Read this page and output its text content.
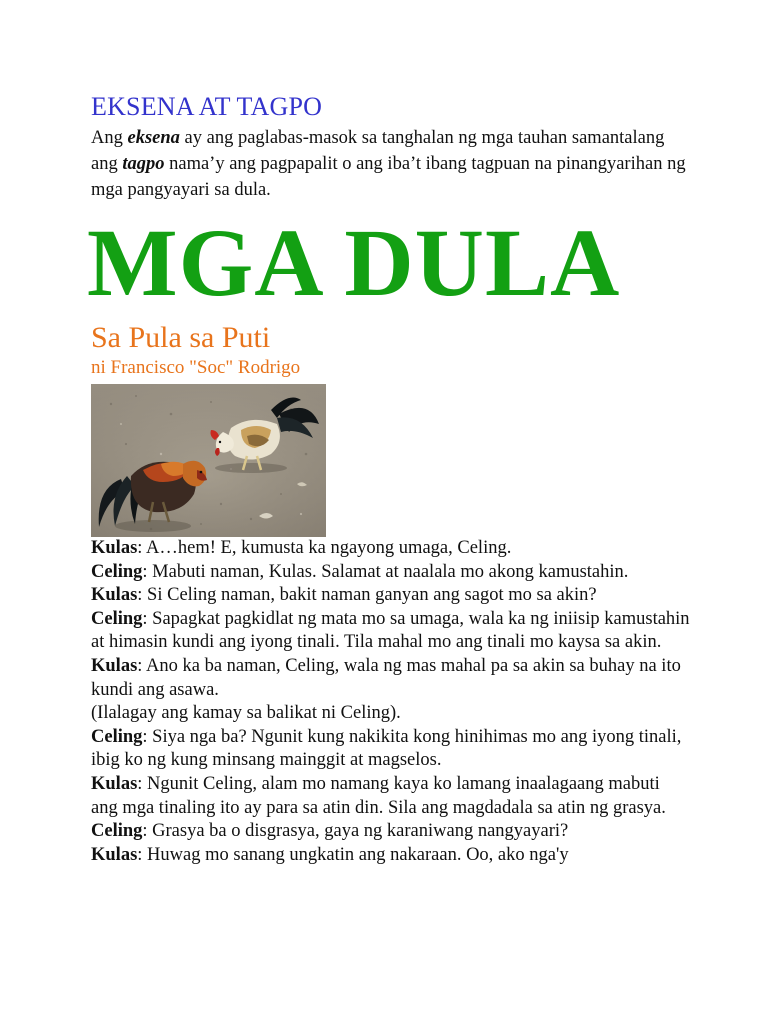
EKSENA AT TAGPO

Ang eksena ay ang paglabas-masok sa tanghalan ng mga tauhan samantalang ang tagpo nama’y ang pagpapalit o ang iba’t ibang tagpuan na pinangyarihan ng mga pangyayari sa dula.

MGA DULA
Sa Pula sa Puti
ni Francisco "Soc" Rodrigo

Kulas: A…hem! E, kumusta ka ngayong umaga, Celing.

Celing: Mabuti naman, Kulas. Salamat at naalala mo akong kamustahin.

Kulas: Si Celing naman, bakit naman ganyan ang sagot mo sa akin?

Celing: Sapagkat pagkidlat ng mata mo sa umaga, wala ka ng iniisip kamustahin at himasin kundi ang iyong tinali. Tila mahal mo ang tinali mo kaysa sa akin.

Kulas: Ano ka ba naman, Celing, wala ng mas mahal pa sa akin sa buhay na ito kundi ang asawa.

(Ilalagay ang kamay sa balikat ni Celing).

Celing: Siya nga ba? Ngunit kung nakikita kong hinihimas mo ang iyong tinali, ibig ko ng kung minsang mainggit at magselos.

Kulas: Ngunit Celing, alam mo namang kaya ko lamang inaalagaang mabuti ang mga tinaling ito ay para sa atin din. Sila ang magdadala sa atin ng grasya.

Celing: Grasya ba o disgrasya, gaya ng karaniwang nangyayari?

Kulas: Huwag mo sanang ungkatin ang nakaraan. Oo, ako nga'y
